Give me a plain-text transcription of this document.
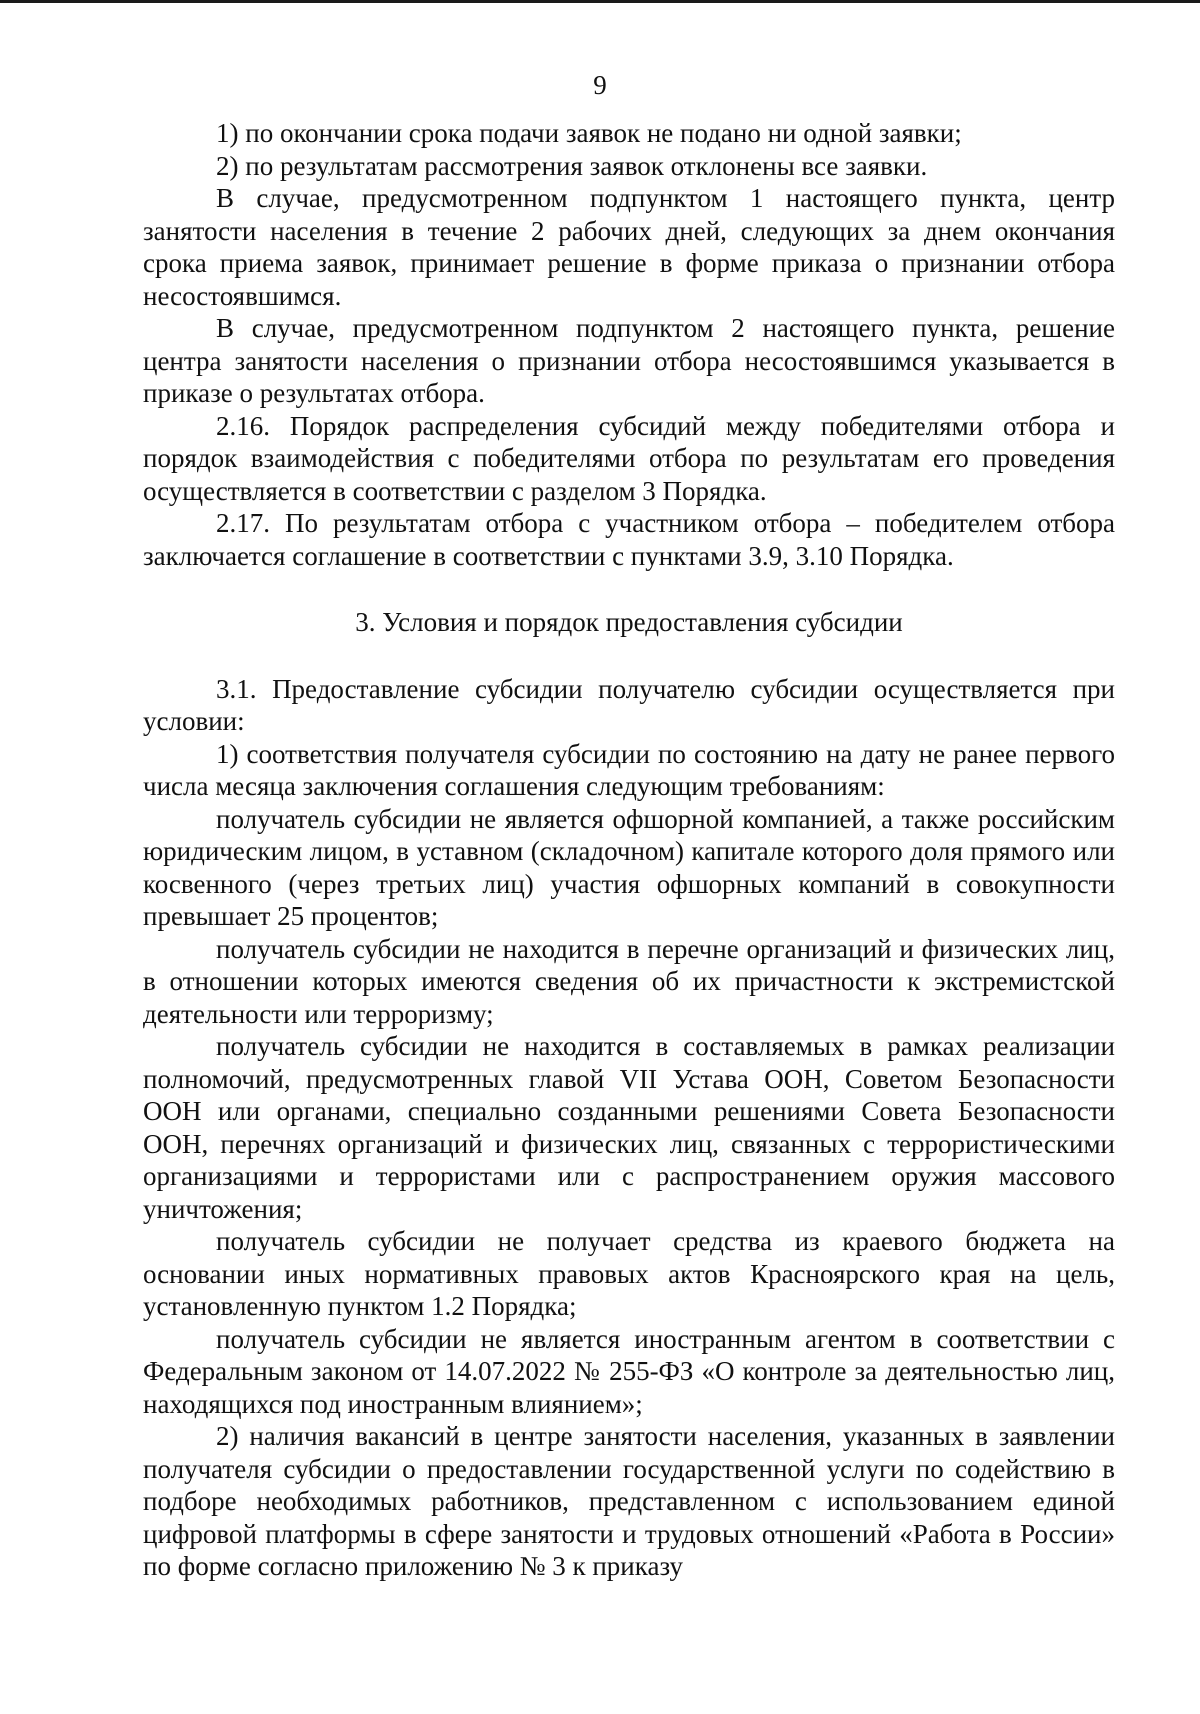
9

1) по окончании срока подачи заявок не подано ни одной заявки;

2) по результатам рассмотрения заявок отклонены все заявки.

В случае, предусмотренном подпунктом 1 настоящего пункта, центр занятости населения в течение 2 рабочих дней, следующих за днем окончания срока приема заявок, принимает решение в форме приказа о признании отбора несостоявшимся.

В случае, предусмотренном подпунктом 2 настоящего пункта, решение центра занятости населения о признании отбора несостоявшимся указывается в приказе о результатах отбора.

2.16. Порядок распределения субсидий между победителями отбора и порядок взаимодействия с победителями отбора по результатам его проведения осуществляется в соответствии с разделом 3 Порядка.

2.17. По результатам отбора с участником отбора – победителем отбора заключается соглашение в соответствии с пунктами 3.9, 3.10 Порядка.

3. Условия и порядок предоставления субсидии

3.1. Предоставление субсидии получателю субсидии осуществляется при условии:

1) соответствия получателя субсидии по состоянию на дату не ранее первого числа месяца заключения соглашения следующим требованиям:

получатель субсидии не является офшорной компанией, а также российским юридическим лицом, в уставном (складочном) капитале которого доля прямого или косвенного (через третьих лиц) участия офшорных компаний в совокупности превышает 25 процентов;

получатель субсидии не находится в перечне организаций и физических лиц, в отношении которых имеются сведения об их причастности к экстремистской деятельности или терроризму;

получатель субсидии не находится в составляемых в рамках реализации полномочий, предусмотренных главой VII Устава ООН, Советом Безопасности ООН или органами, специально созданными решениями Совета Безопасности ООН, перечнях организаций и физических лиц, связанных с террористическими организациями и террористами или с распространением оружия массового уничтожения;

получатель субсидии не получает средства из краевого бюджета на основании иных нормативных правовых актов Красноярского края на цель, установленную пунктом 1.2 Порядка;

получатель субсидии не является иностранным агентом в соответствии с Федеральным законом от 14.07.2022 № 255-ФЗ «О контроле за деятельностью лиц, находящихся под иностранным влиянием»;

2) наличия вакансий в центре занятости населения, указанных в заявлении получателя субсидии о предоставлении государственной услуги по содействию в подборе необходимых работников, представленном с использованием единой цифровой платформы в сфере занятости и трудовых отношений «Работа в России» по форме согласно приложению № 3 к приказу
